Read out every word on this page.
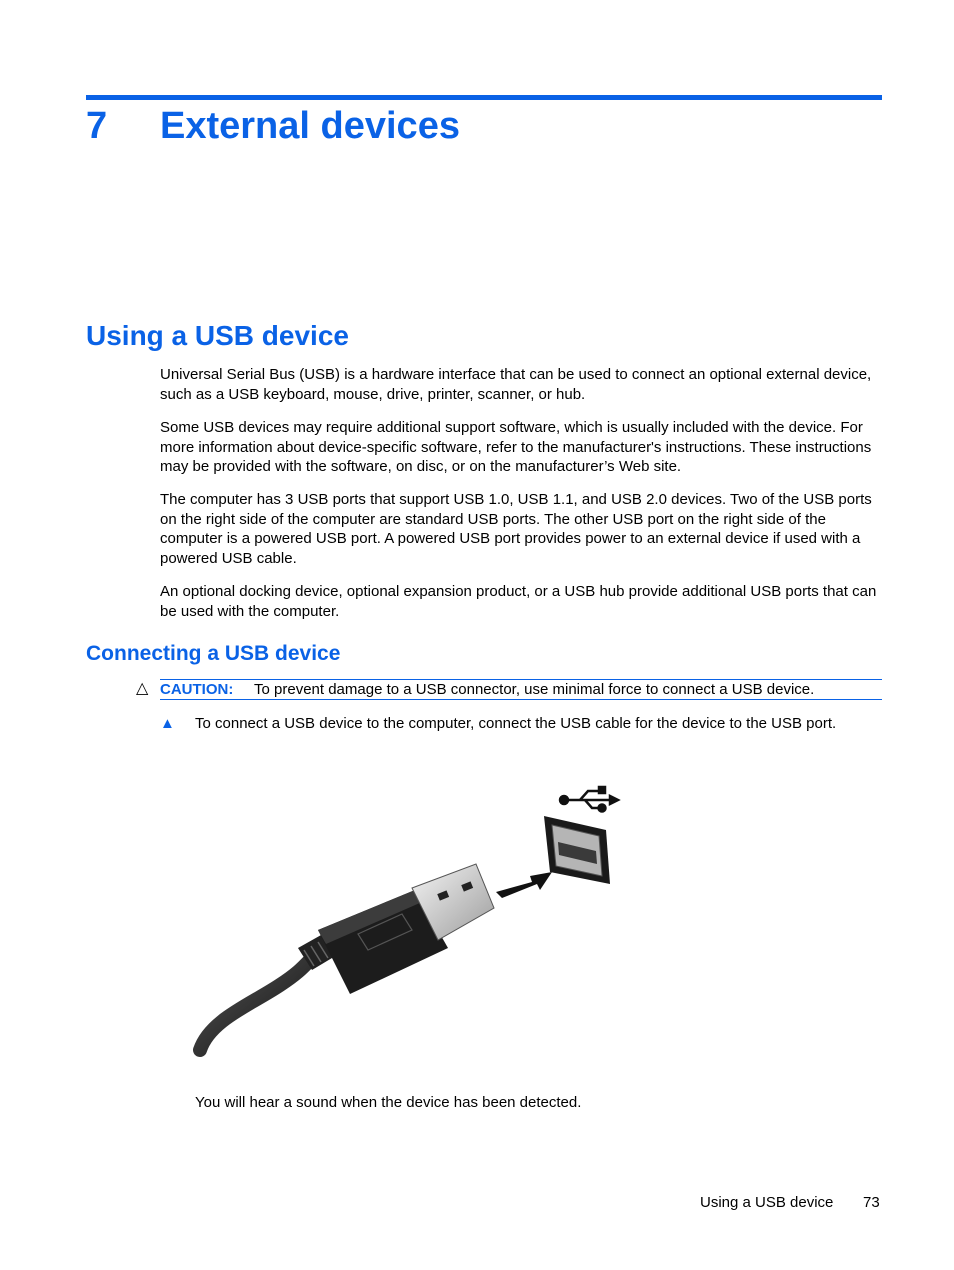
7 External devices
Using a USB device

Universal Serial Bus (USB) is a hardware interface that can be used to connect an optional external device, such as a USB keyboard, mouse, drive, printer, scanner, or hub.

Some USB devices may require additional support software, which is usually included with the device. For more information about device-specific software, refer to the manufacturer's instructions. These instructions may be provided with the software, on disc, or on the manufacturer’s Web site.

The computer has 3 USB ports that support USB 1.0, USB 1.1, and USB 2.0 devices. Two of the USB ports on the right side of the computer are standard USB ports. The other USB port on the right side of the computer is a powered USB port. A powered USB port provides power to an external device if used with a powered USB cable.

An optional docking device, optional expansion product, or a USB hub provide additional USB ports that can be used with the computer.

Connecting a USB device
△ CAUTION: To prevent damage to a USB connector, use minimal force to connect a USB device.
▲ To connect a USB device to the computer, connect the USB cable for the device to the USB port.

You will hear a sound when the device has been detected.

Using a USB device 73
